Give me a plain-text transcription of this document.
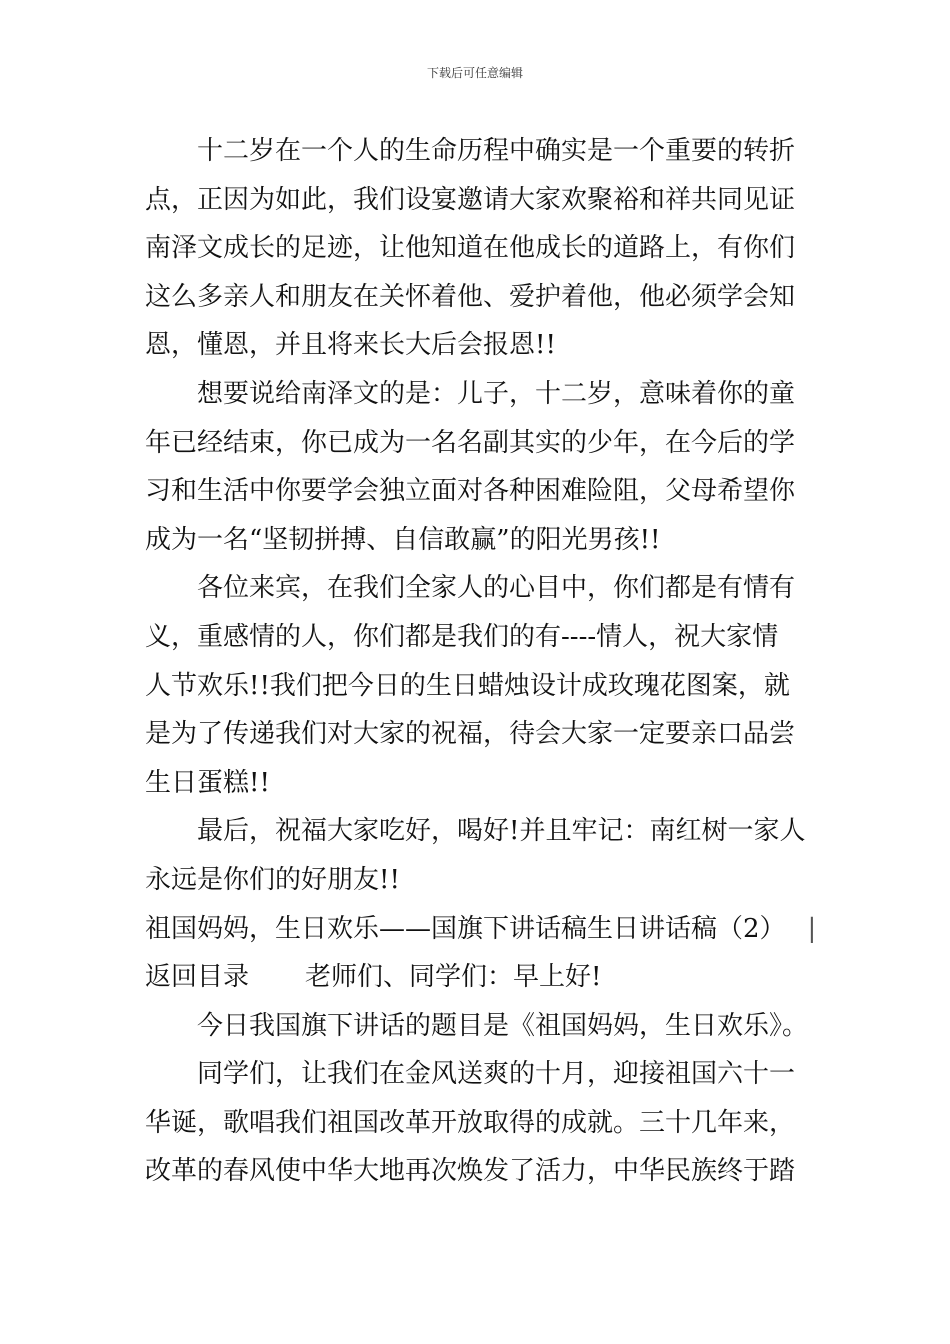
下载后可任意编辑
十二岁在一个人的生命历程中确实是一个重要的转折
点，正因为如此，我们设宴邀请大家欢聚裕和祥共同见证
南泽文成长的足迹，让他知道在他成长的道路上，有你们
这么多亲人和朋友在关怀着他、爱护着他，他必须学会知
恩，懂恩，并且将来长大后会报恩!!
想要说给南泽文的是：儿子，十二岁，意味着你的童
年已经结束，你已成为一名名副其实的少年，在今后的学
习和生活中你要学会独立面对各种困难险阻，父母希望你
成为一名“坚韧拼搏、自信敢赢”的阳光男孩!!
各位来宾，在我们全家人的心目中，你们都是有情有
义，重感情的人，你们都是我们的有----情人，祝大家情
人节欢乐!!我们把今日的生日蜡烛设计成玫瑰花图案，就
是为了传递我们对大家的祝福，待会大家一定要亲口品尝
生日蛋糕!!
最后，祝福大家吃好，喝好!并且牢记：南红树一家人
永远是你们的好朋友!!
祖国妈妈，生日欢乐——国旗下讲话稿生日讲话稿（2） |
返回目录 老师们、同学们：早上好!
今日我国旗下讲话的题目是《祖国妈妈，生日欢乐》。
同学们，让我们在金风送爽的十月，迎接祖国六十一
华诞，歌唱我们祖国改革开放取得的成就。三十几年来，
改革的春风使中华大地再次焕发了活力，中华民族终于踏
